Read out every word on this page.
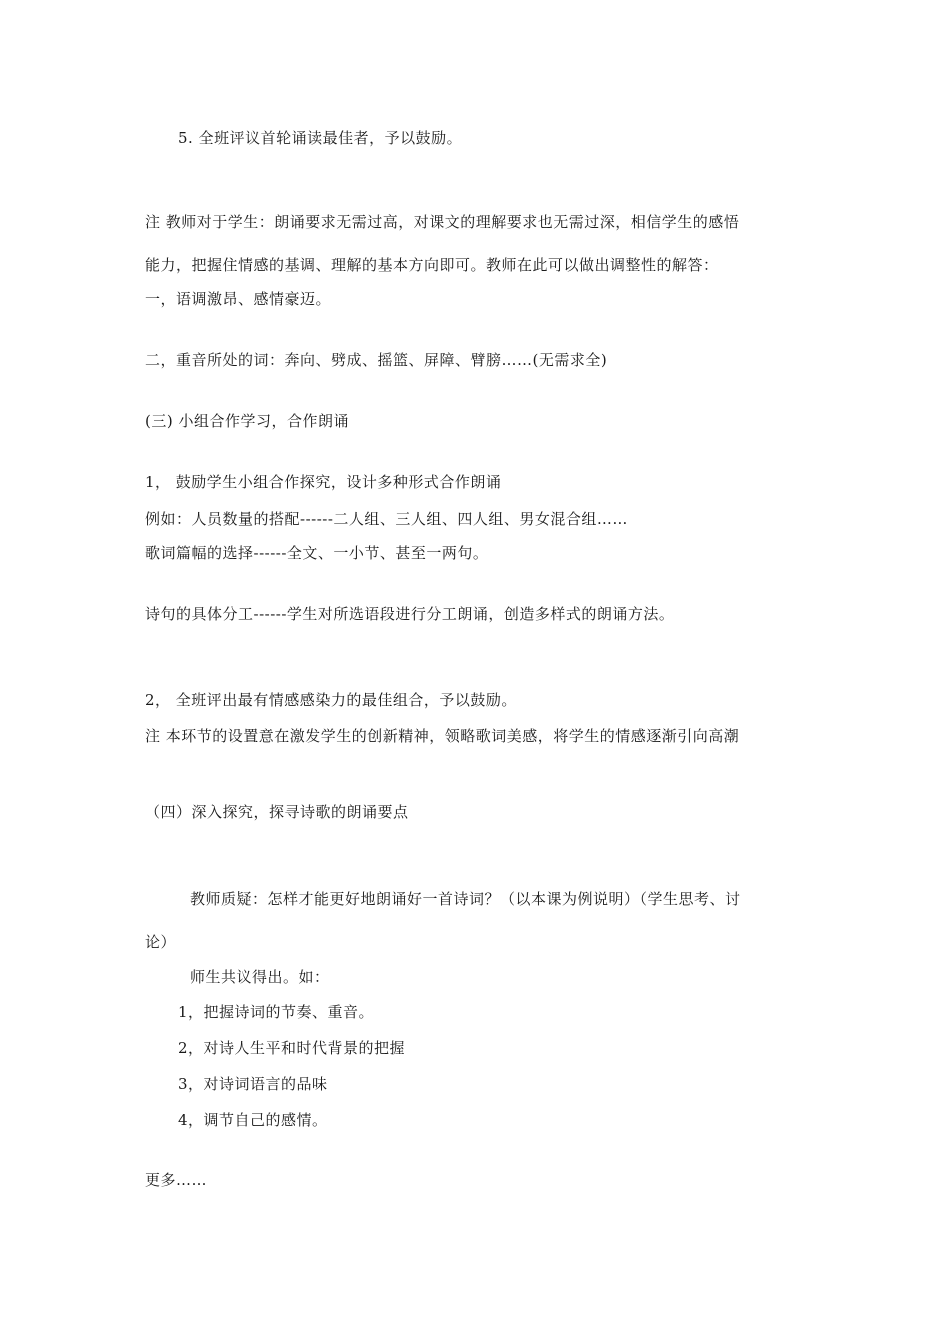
5. 全班评议首轮诵读最佳者，予以鼓励。
注 教师对于学生：朗诵要求无需过高，对课文的理解要求也无需过深，相信学生的感悟
能力，把握住情感的基调、理解的基本方向即可。教师在此可以做出调整性的解答：
一，语调激昂、感情豪迈。
二，重音所处的词：奔向、劈成、摇篮、屏障、臂膀……(无需求全)
(三) 小组合作学习，合作朗诵
1， 鼓励学生小组合作探究，设计多种形式合作朗诵
例如：人员数量的搭配------二人组、三人组、四人组、男女混合组……
歌词篇幅的选择------全文、一小节、甚至一两句。
诗句的具体分工------学生对所选语段进行分工朗诵，创造多样式的朗诵方法。
2， 全班评出最有情感感染力的最佳组合，予以鼓励。
注 本环节的设置意在激发学生的创新精神，领略歌词美感，将学生的情感逐渐引向高潮
（四）深入探究，探寻诗歌的朗诵要点
教师质疑：怎样才能更好地朗诵好一首诗词？（以本课为例说明）（学生思考、讨
论）
师生共议得出。如：
1，把握诗词的节奏、重音。
2，对诗人生平和时代背景的把握
3，对诗词语言的品味
4，调节自己的感情。
更多……
